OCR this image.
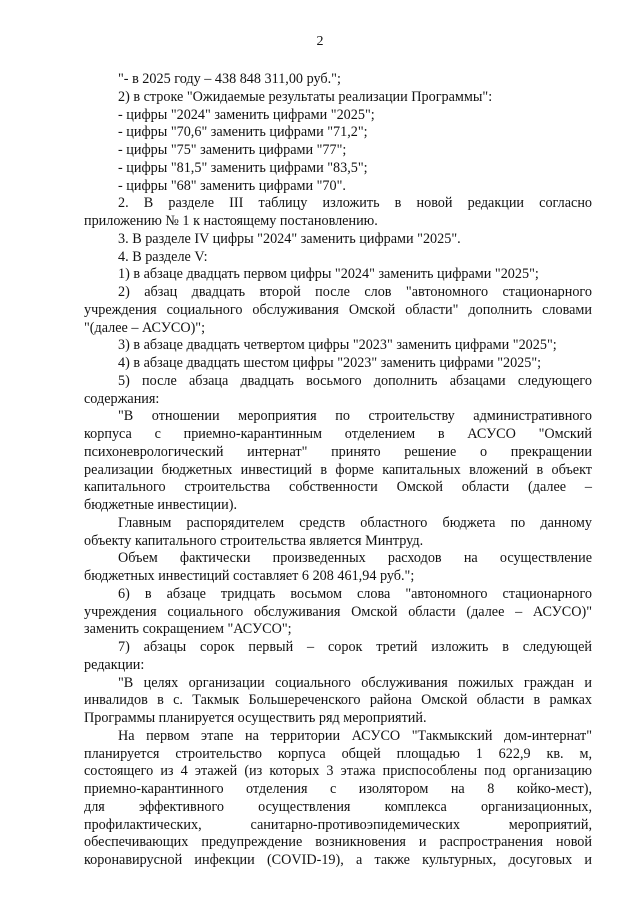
2
"- в 2025 году – 438 848 311,00 руб.";
2) в строке "Ожидаемые результаты реализации Программы":
- цифры "2024" заменить цифрами "2025";
- цифры "70,6" заменить цифрами "71,2";
- цифры "75" заменить цифрами "77";
- цифры "81,5" заменить цифрами "83,5";
- цифры "68" заменить цифрами "70".
2. В разделе III таблицу изложить в новой редакции согласно
приложению № 1 к настоящему постановлению.
3. В разделе IV цифры "2024" заменить цифрами "2025".
4. В разделе V:
1) в абзаце двадцать первом цифры "2024" заменить цифрами "2025";
2) абзац двадцать второй после слов "автономного стационарного
учреждения социального обслуживания Омской области" дополнить словами
"(далее – АСУСО)";
3) в абзаце двадцать четвертом цифры "2023" заменить цифрами "2025";
4) в абзаце двадцать шестом цифры "2023" заменить цифрами "2025";
5) после абзаца двадцать восьмого дополнить абзацами следующего
содержания:
"В отношении мероприятия по строительству административного
корпуса с приемно-карантинным отделением в АСУСО "Омский
психоневрологический интернат" принято решение о прекращении
реализации бюджетных инвестиций в форме капитальных вложений в объект
капитального строительства собственности Омской области (далее –
бюджетные инвестиции).
Главным распорядителем средств областного бюджета по данному
объекту капитального строительства является Минтруд.
Объем фактически произведенных расходов на осуществление
бюджетных инвестиций составляет 6 208 461,94 руб.";
6) в абзаце тридцать восьмом слова "автономного стационарного
учреждения социального обслуживания Омской области (далее – АСУСО)"
заменить сокращением "АСУСО";
7) абзацы сорок первый – сорок третий изложить в следующей
редакции:
"В целях организации социального обслуживания пожилых граждан и
инвалидов в с. Такмык Большереченского района Омской области в рамках
Программы планируется осуществить ряд мероприятий.
На первом этапе на территории АСУСО "Такмыкский дом-интернат"
планируется строительство корпуса общей площадью 1 622,9 кв. м,
состоящего из 4 этажей (из которых 3 этажа приспособлены под организацию
приемно-карантинного отделения с изолятором на 8 койко-мест),
для эффективного осуществления комплекса организационных,
профилактических, санитарно-противоэпидемических мероприятий,
обеспечивающих предупреждение возникновения и распространения новой
коронавирусной инфекции (COVID-19), а также культурных, досуговых и
